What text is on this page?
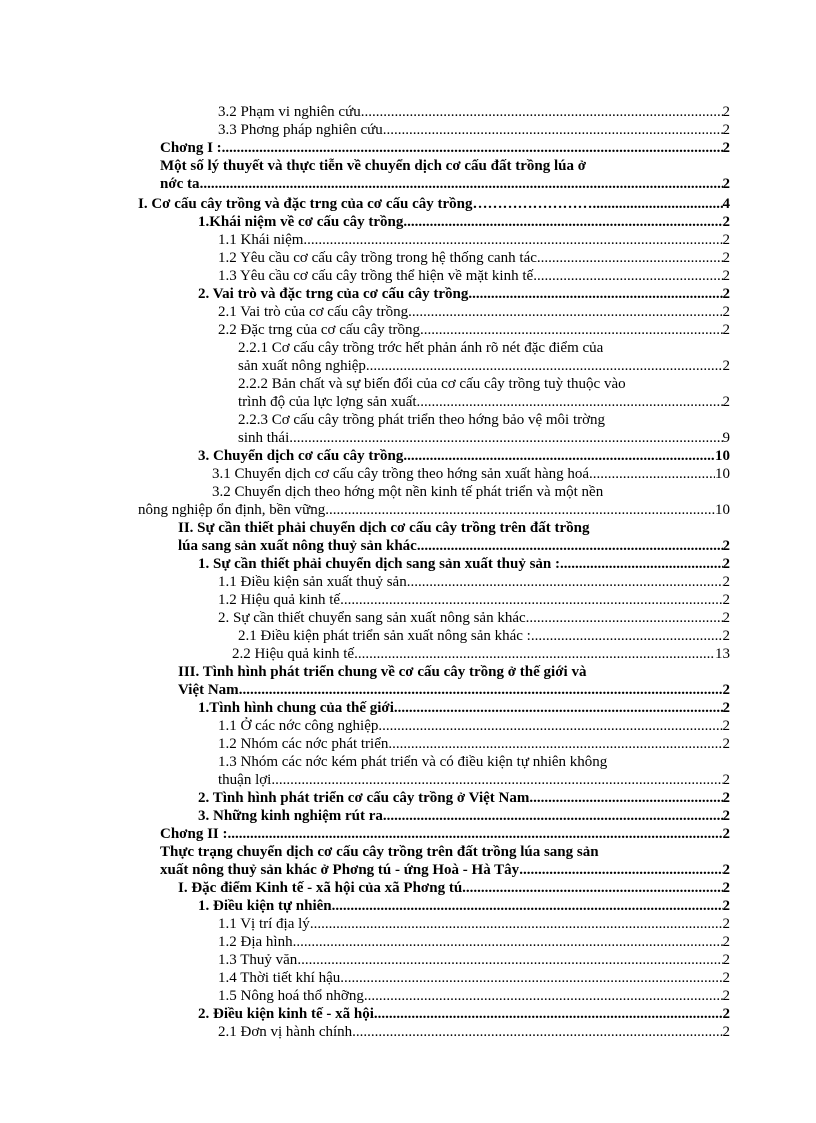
3.2 Phạm vi nghiên cứu .....	2
3.3 Phơng pháp nghiên cứu .....	2
Chơng I : .....	2
Một số lý thuyết và thực tiễn về chuyển dịch cơ cấu đất trồng lúa ở
nớc ta .....	2
I. Cơ cấu cây trồng và đặc trng của cơ cấu cây trồng…………………… .....	4
1.Khái niệm về cơ cấu cây trồng .....	2
1.1 Khái niệm .....	2
1.2 Yêu cầu cơ cấu cây trồng trong hệ thống canh tác .....	2
1.3 Yêu cầu cơ cấu cây trồng thể hiện về mặt kinh tế .....	2
2. Vai trò và đặc trng của cơ cấu cây trồng .....	2
2.1 Vai trò của cơ cấu cây trồng .....	2
2.2 Đặc trng của cơ cấu cây trồng .....	2
2.2.1 Cơ cấu cây trồng trớc hết phản ánh rõ nét đặc điểm của
sản xuất nông nghiệp .....	2
2.2.2 Bản chất và sự biến đổi của cơ cấu cây trồng tuỳ thuộc vào
trình độ của lực lợng sản xuất .....	2
2.2.3 Cơ cấu cây trồng phát triển theo hớng bảo vệ môi trờng
sinh thái .....	9
3. Chuyển dịch cơ cấu cây trồng .....	10
3.1 Chuyển dịch cơ cấu cây trồng theo hớng sản xuất hàng hoá .....	10
3.2 Chuyển dịch theo hớng một nền kinh tế phát triển và một nền
nông nghiệp ổn định, bền vững .....	10
II. Sự cần thiết phải chuyển dịch cơ cấu cây trồng trên đất trồng
lúa sang sản xuất nông thuỷ sản khác .....	2
1. Sự cần thiết phải chuyển dịch sang sản xuất thuỷ sản : .....	2
1.1 Điều kiện sản xuất thuỷ sản .....	2
1.2 Hiệu quả kinh tế .....	2
2. Sự cần thiết chuyển sang sản xuất nông sản khác .....	2
2.1 Điều kiện phát triển sản xuất nông sản khác : .....	2
2.2 Hiệu quả kinh tế .....	13
III. Tình hình phát triển chung về cơ cấu cây trồng ở thế giới và
Việt Nam .....	2
1.Tình hình chung của thế giới .....	2
1.1 Ở các nớc công nghiệp .....	2
1.2 Nhóm các nớc phát triển .....	2
1.3 Nhóm các nớc kém phát triển và có điều kiện tự nhiên không
thuận lợi .....	2
2. Tình hình phát triển cơ cấu cây trồng ở Việt Nam .....	2
3. Những kinh nghiệm rút ra .....	2
Chơng II : .....	2
Thực trạng chuyển dịch cơ cấu cây trồng trên đất trồng lúa sang sản
xuất nông thuỷ sản khác ở Phơng tú - ứng Hoà - Hà Tây .....	2
I. Đặc điểm Kinh tế - xã hội của xã Phơng tú .....	2
1. Điều kiện tự nhiên .....	2
1.1 Vị trí địa lý .....	2
1.2 Địa hình .....	2
1.3 Thuỷ văn .....	2
1.4 Thời tiết khí hậu .....	2
1.5 Nông hoá thổ nhỡng .....	2
2. Điều kiện kinh tế - xã hội .....	2
2.1 Đơn vị hành chính .....	2
